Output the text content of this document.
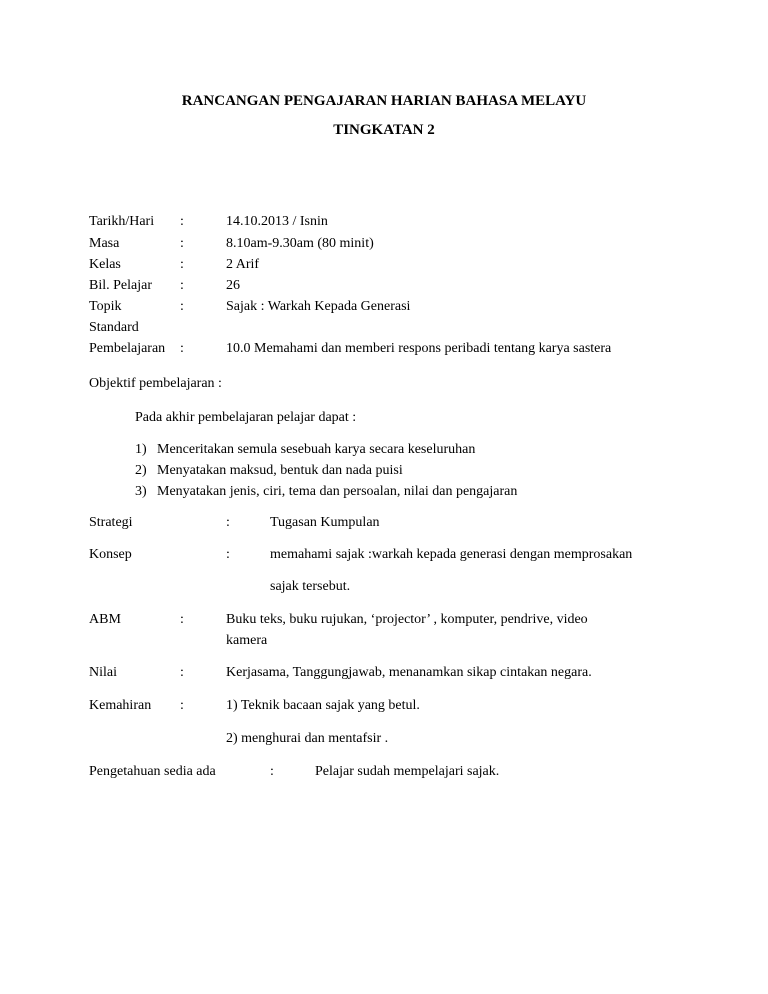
RANCANGAN PENGAJARAN HARIAN BAHASA MELAYU
TINGKATAN 2
Tarikh/Hari :	14.10.2013 / Isnin
Masa	:	8.10am-9.30am (80 minit)
Kelas	:	2 Arif
Bil. Pelajar :	26
Topik	:	Sajak : Warkah Kepada Generasi
Standard
Pembelajaran :	10.0 Memahami dan memberi respons peribadi tentang karya sastera
Objektif pembelajaran :
Pada akhir pembelajaran pelajar dapat :
1) Menceritakan semula sesebuah karya secara keseluruhan
2) Menyatakan maksud, bentuk dan nada puisi
3) Menyatakan jenis, ciri, tema dan persoalan, nilai dan pengajaran
Strategi	:	Tugasan Kumpulan
Konsep	:	memahami sajak :warkah kepada generasi dengan memprosakan
sajak tersebut.
ABM	:	Buku teks, buku rujukan, ‘projector’ , komputer, pendrive, video
kamera
Nilai	:	Kerjasama, Tanggungjawab, menanamkan sikap cintakan negara.
Kemahiran :	1) Teknik bacaan sajak yang betul.
2) menghurai dan mentafsir .
Pengetahuan sedia ada	:	Pelajar sudah mempelajari sajak.
